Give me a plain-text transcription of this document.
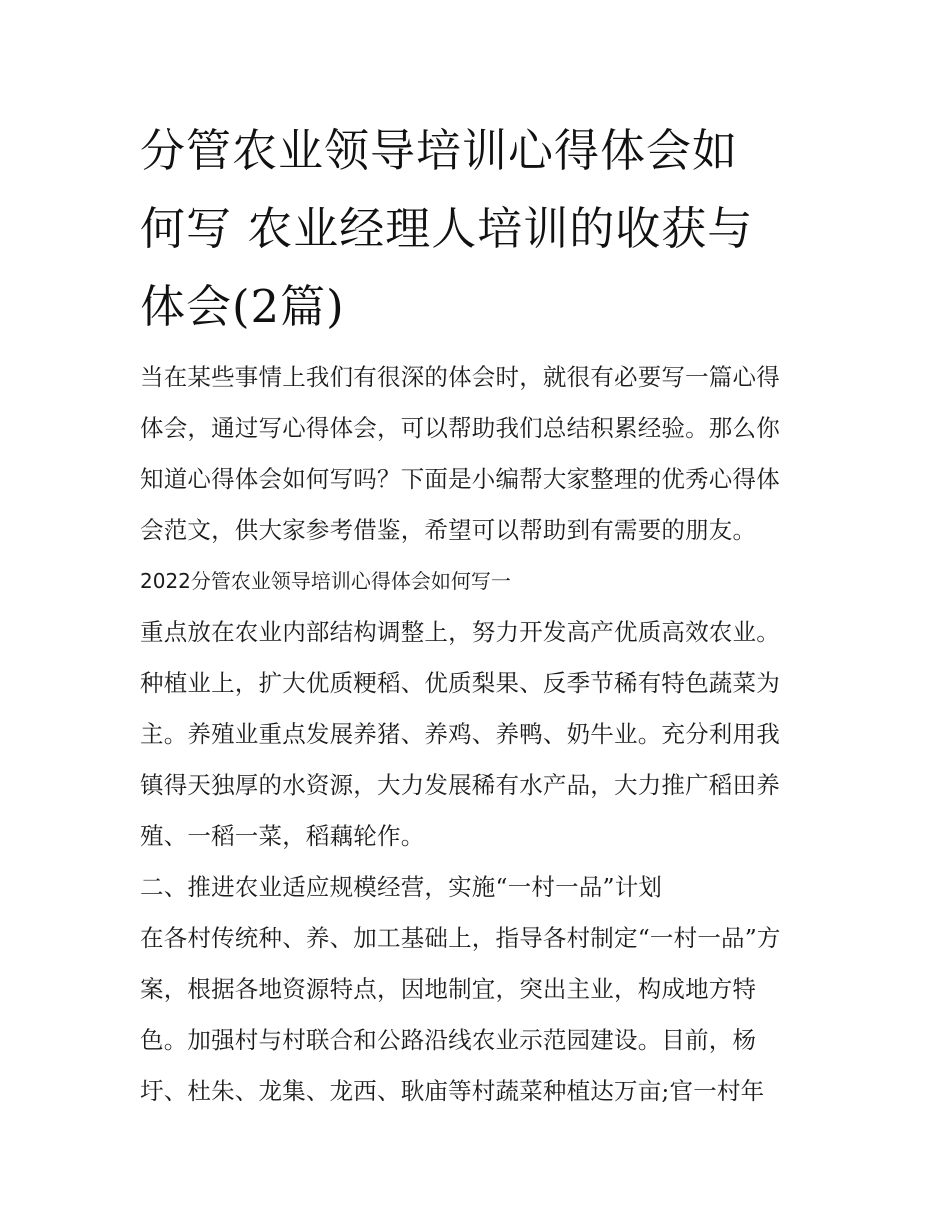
分管农业领导培训心得体会如
何写 农业经理人培训的收获与
体会(2篇)

当在某些事情上我们有很深的体会时，就很有必要写一篇心得

体会，通过写心得体会，可以帮助我们总结积累经验。那么你

知道心得体会如何写吗？下面是小编帮大家整理的优秀心得体

会范文，供大家参考借鉴，希望可以帮助到有需要的朋友。

2022分管农业领导培训心得体会如何写一

重点放在农业内部结构调整上，努力开发高产优质高效农业。

种植业上，扩大优质粳稻、优质梨果、反季节稀有特色蔬菜为

主。养殖业重点发展养猪、养鸡、养鸭、奶牛业。充分利用我

镇得天独厚的水资源，大力发展稀有水产品，大力推广稻田养

殖、一稻一菜，稻藕轮作。

二、推进农业适应规模经营，实施“一村一品”计划

在各村传统种、养、加工基础上，指导各村制定“一村一品”方

案，根据各地资源特点，因地制宜，突出主业，构成地方特

色。加强村与村联合和公路沿线农业示范园建设。目前，杨

圩、杜朱、龙集、龙西、耿庙等村蔬菜种植达万亩;官一村年
